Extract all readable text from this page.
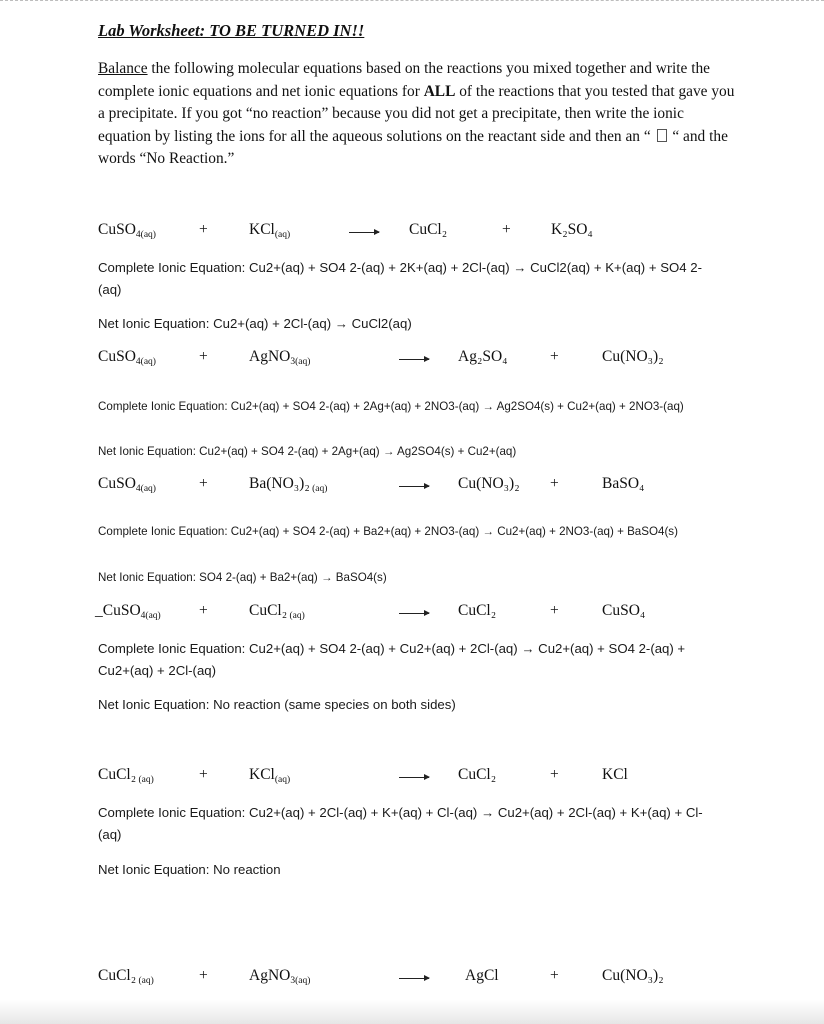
Lab Worksheet: TO BE TURNED IN!!
Balance the following molecular equations based on the reactions you mixed together and write the complete ionic equations and net ionic equations for ALL of the reactions that you tested that gave you a precipitate. If you got “no reaction” because you did not get a precipitate, then write the ionic equation by listing the ions for all the aqueous solutions on the reactant side and then an “  “ and the words “No Reaction.”
CuSO$_{4(aq)}$	+	KCl$_{(aq)}$	CuCl₂	+	K₂SO₄
Complete Ionic Equation: Cu2+(aq) + SO4 2-(aq) + 2K+(aq) + 2Cl-(aq) → CuCl2(aq) + K+(aq) + SO4 2-(aq)
Net Ionic Equation: Cu2+(aq) + 2Cl-(aq) → CuCl2(aq)
CuSO$_{4(aq)}$	+	AgNO$_{3(aq)}$	Ag₂SO₄	+	Cu(NO₃)₂
Complete Ionic Equation: Cu2+(aq) + SO4 2-(aq) + 2Ag+(aq) + 2NO3-(aq) → Ag2SO4(s) + Cu2+(aq) + 2NO3-(aq)
Net Ionic Equation: Cu2+(aq) + SO4 2-(aq) + 2Ag+(aq) → Ag2SO4(s) + Cu2+(aq)
CuSO$_{4(aq)}$	+	Ba(NO₃)₂ $_{(aq)}$	Cu(NO₃)₂ +	BaSO₄
Complete Ionic Equation: Cu2+(aq) + SO4 2-(aq) + Ba2+(aq) + 2NO3-(aq) → Cu2+(aq) + 2NO3-(aq) + BaSO4(s)
Net Ionic Equation: SO4 2-(aq) + Ba2+(aq) → BaSO4(s)
_CuSO$_{4(aq)}$ +	CuCl₂ $_{(aq)}$	CuCl₂	+	CuSO₄
Complete Ionic Equation: Cu2+(aq) + SO4 2-(aq) + Cu2+(aq) + 2Cl-(aq) → Cu2+(aq) + SO4 2-(aq) + Cu2+(aq) + 2Cl-(aq)
Net Ionic Equation: No reaction (same species on both sides)
CuCl₂ $_{(aq)}$	+	KCl$_{(aq)}$	CuCl₂	+	KCl
Complete Ionic Equation: Cu2+(aq) + 2Cl-(aq) + K+(aq) + Cl-(aq) → Cu2+(aq) + 2Cl-(aq) + K+(aq) + Cl-(aq)
Net Ionic Equation: No reaction
CuCl₂ $_{(aq)}$	+	AgNO$_{3(aq)}$	AgCl	+	Cu(NO₃)₂
